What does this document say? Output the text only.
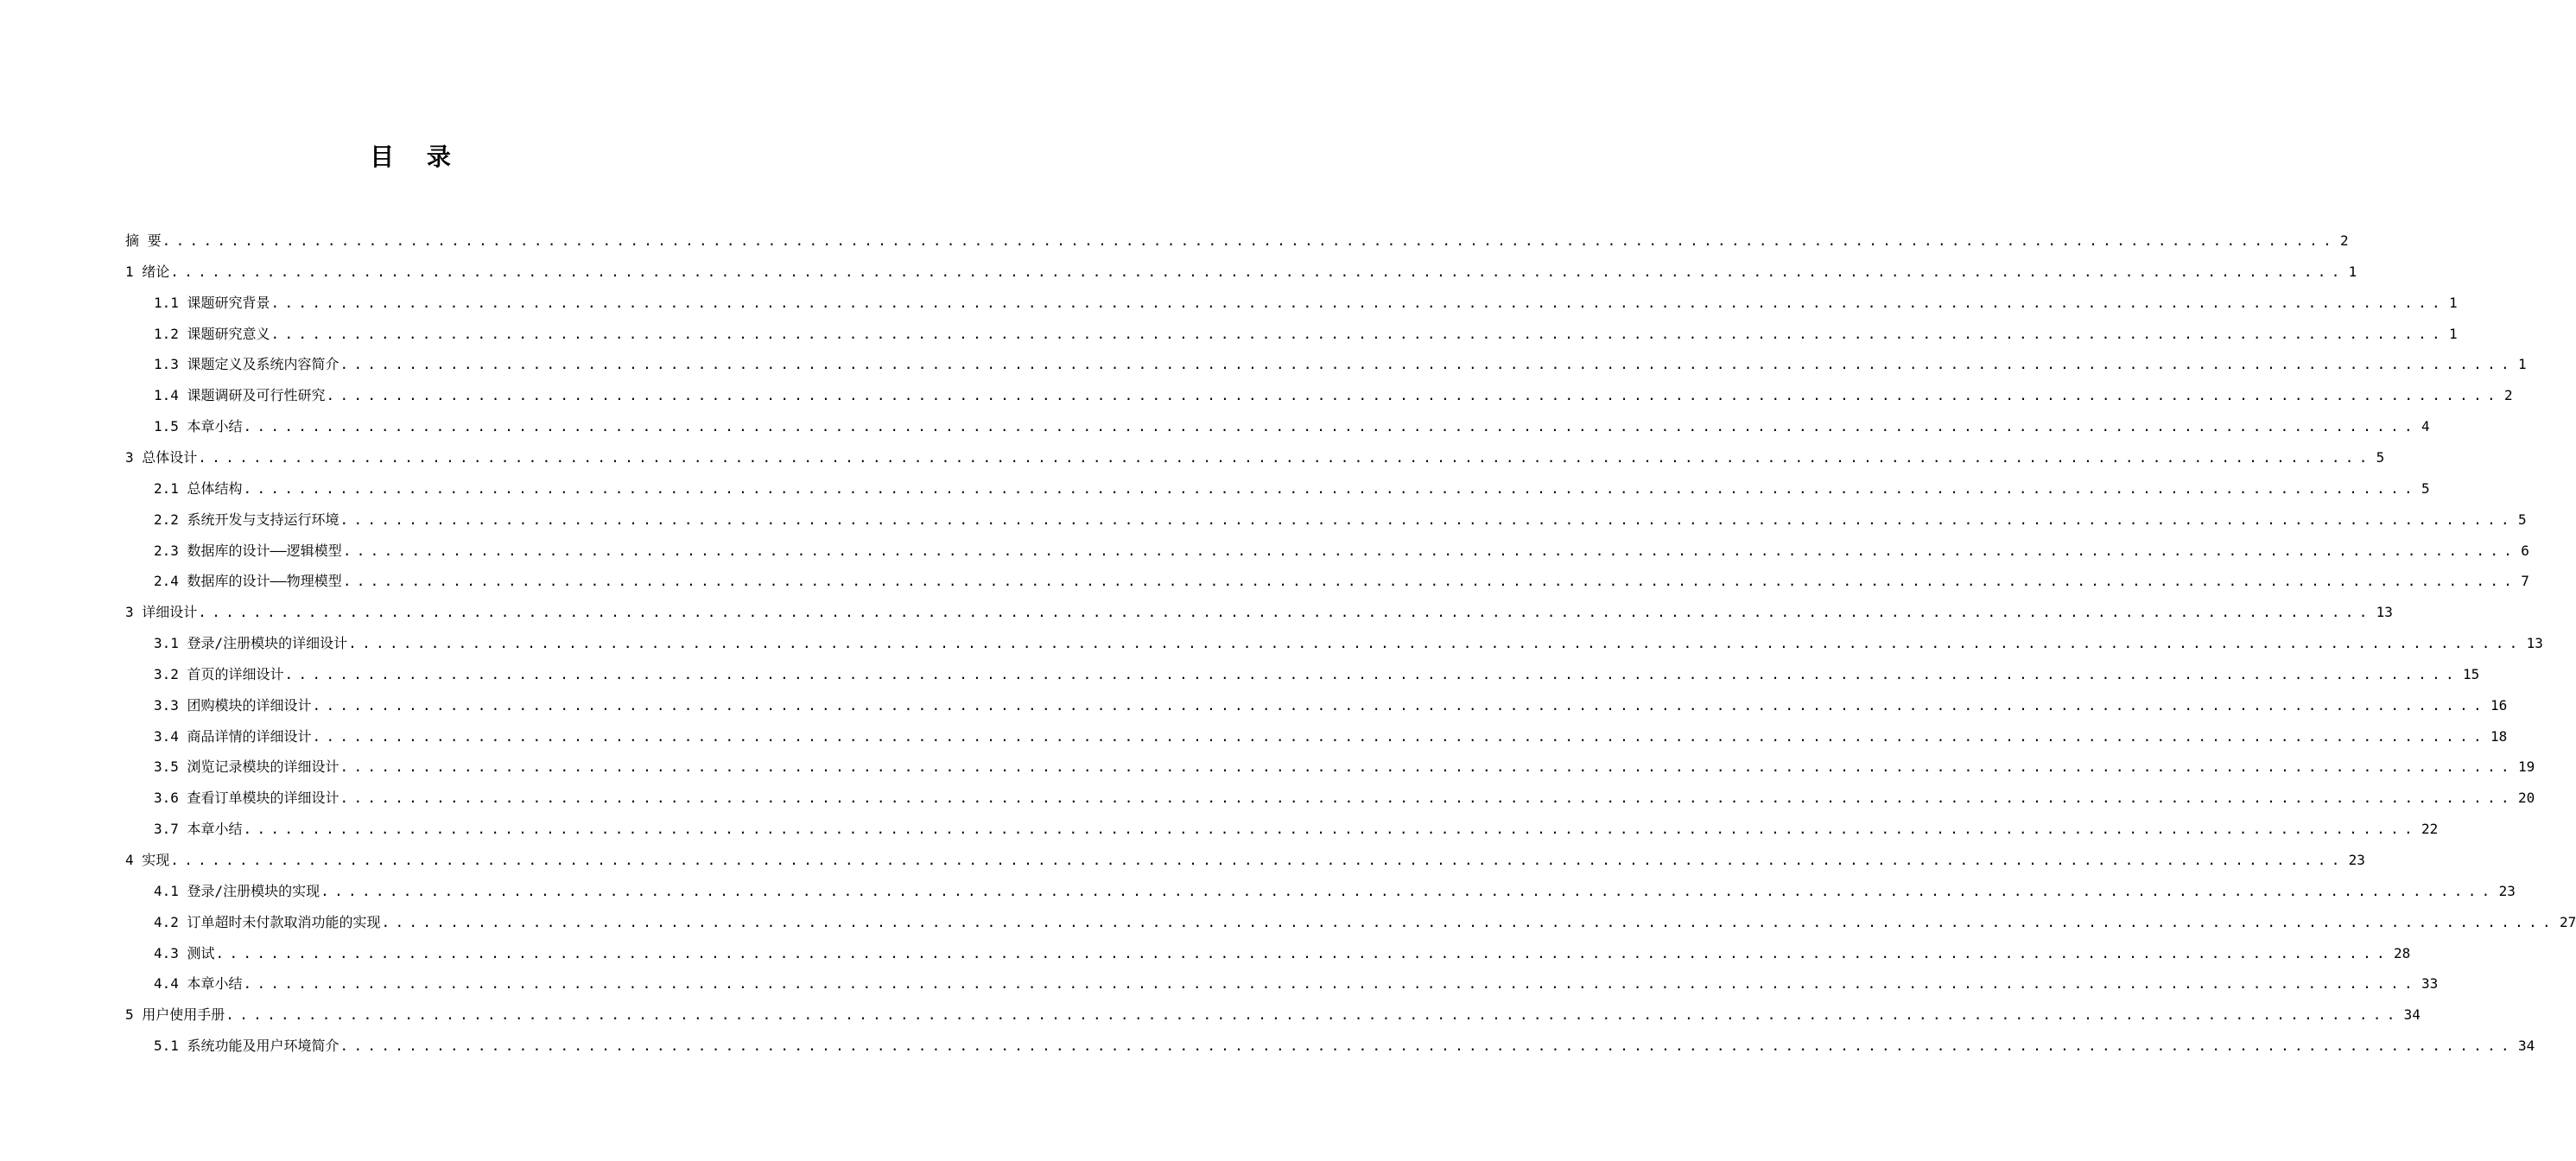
目 录
摘 要 .............................................................................................................................................................. 2
1 绪论 .............................................................................................................................................................. 1
1.1 课题研究背景 .............................................................................................................................................................. 1
1.2 课题研究意义 .............................................................................................................................................................. 1
1.3 课题定义及系统内容简介 .............................................................................................................................................................. 1
1.4 课题调研及可行性研究 .............................................................................................................................................................. 2
1.5 本章小结 .............................................................................................................................................................. 4
3 总体设计 .............................................................................................................................................................. 5
2.1 总体结构 .............................................................................................................................................................. 5
2.2 系统开发与支持运行环境 .............................................................................................................................................................. 5
2.3 数据库的设计——逻辑模型 .............................................................................................................................................................. 6
2.4 数据库的设计——物理模型 .............................................................................................................................................................. 7
3 详细设计 .............................................................................................................................................................. 13
3.1 登录/注册模块的详细设计 .............................................................................................................................................................. 13
3.2 首页的详细设计 .............................................................................................................................................................. 15
3.3 团购模块的详细设计 .............................................................................................................................................................. 16
3.4 商品详情的详细设计 .............................................................................................................................................................. 18
3.5 浏览记录模块的详细设计 .............................................................................................................................................................. 19
3.6 查看订单模块的详细设计 .............................................................................................................................................................. 20
3.7 本章小结 .............................................................................................................................................................. 22
4 实现 .............................................................................................................................................................. 23
4.1 登录/注册模块的实现 .............................................................................................................................................................. 23
4.2 订单超时未付款取消功能的实现 .............................................................................................................................................................. 27
4.3 测试 .............................................................................................................................................................. 28
4.4 本章小结 .............................................................................................................................................................. 33
5 用户使用手册 .............................................................................................................................................................. 34
5.1 系统功能及用户环境简介 .............................................................................................................................................................. 34
